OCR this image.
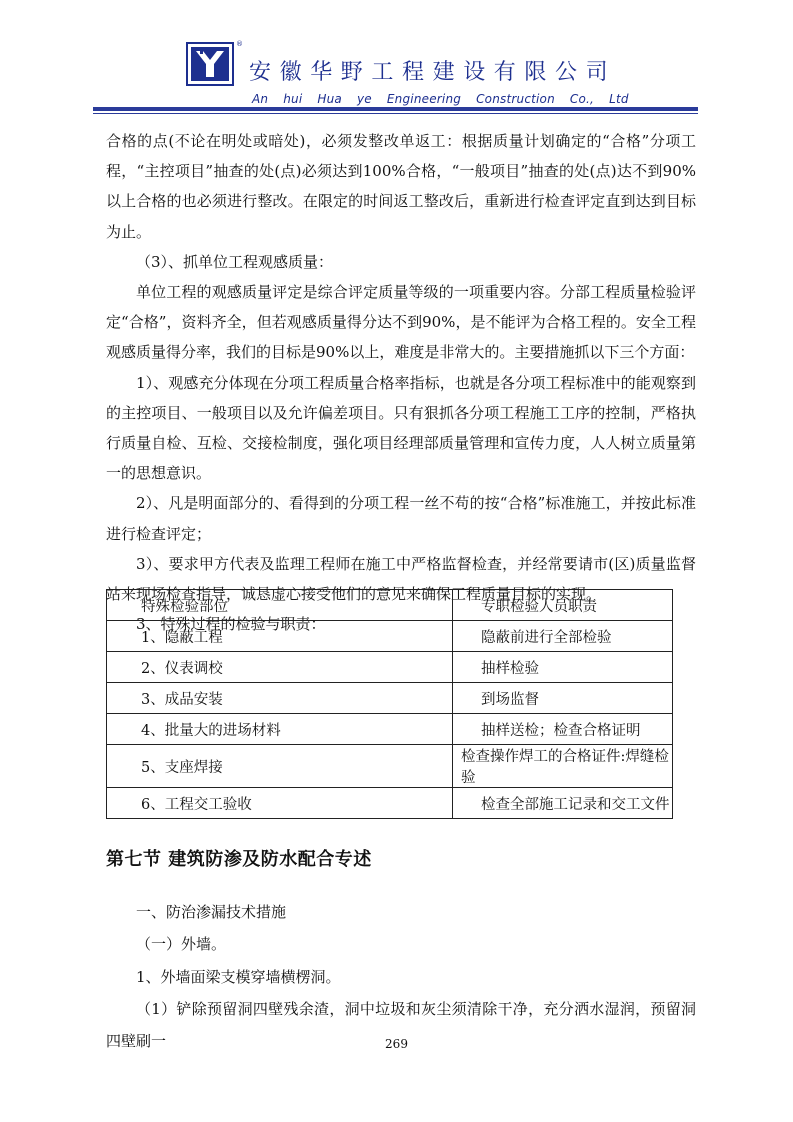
®
安徽华野工程建设有限公司
An hui Hua ye Engineering Construction Co., Ltd

合格的点(不论在明处或暗处)，必须发整改单返工：根据质量计划确定的“合格”分项工程，“主控项目”抽查的处(点)必须达到100%合格，“一般项目”抽查的处(点)达不到90%以上合格的也必须进行整改。在限定的时间返工整改后，重新进行检查评定直到达到目标为止。

（3）、抓单位工程观感质量：

单位工程的观感质量评定是综合评定质量等级的一项重要内容。分部工程质量检验评定“合格”，资料齐全，但若观感质量得分达不到90%，是不能评为合格工程的。安全工程观感质量得分率，我们的目标是90%以上，难度是非常大的。主要措施抓以下三个方面：

1）、观感充分体现在分项工程质量合格率指标，也就是各分项工程标准中的能观察到的主控项目、一般项目以及允许偏差项目。只有狠抓各分项工程施工工序的控制，严格执行质量自检、互检、交接检制度，强化项目经理部质量管理和宣传力度，人人树立质量第一的思想意识。

2）、凡是明面部分的、看得到的分项工程一丝不苟的按“合格”标准施工，并按此标准进行检查评定；

3）、要求甲方代表及监理工程师在施工中严格监督检查，并经常要请市(区)质量监督站来现场检查指导，诚恳虚心接受他们的意见来确保工程质量目标的实现。

3、特殊过程的检验与职责：

特殊检验部位	专职检验人员职责
1、隐蔽工程	隐蔽前进行全部检验
2、仪表调校	抽样检验
3、成品安装	到场监督
4、批量大的进场材料	抽样送检；检查合格证明
5、支座焊接	检查操作焊工的合格证件:焊缝检验
6、工程交工验收	检查全部施工记录和交工文件
第七节 建筑防渗及防水配合专述

一、防治渗漏技术措施

（一）外墙。

1、外墙面梁支模穿墙横楞洞。

（1）铲除预留洞四壁残余渣，洞中垃圾和灰尘须清除干净，充分洒水湿润，预留洞四壁刷一	269
